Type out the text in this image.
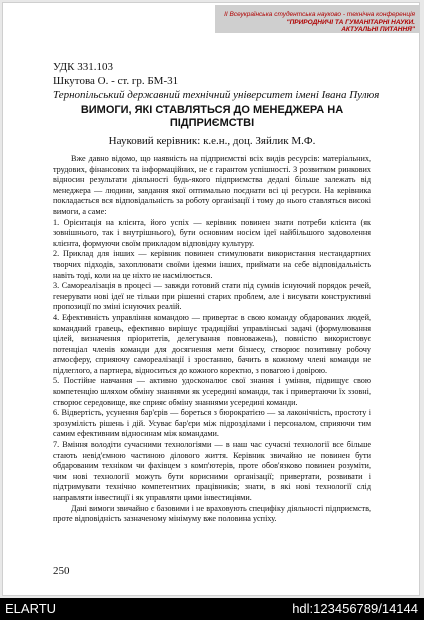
II Всеукраїнська студентська науково - технічна конференція "ПРИРОДНИЧІ ТА ГУМАНІТАРНІ НАУКИ.
АКТУАЛЬНІ ПИТАННЯ"
УДК 331.103
Шкутова О. - ст. гр. БМ-31
Тернопільський державний технічний університет імені Івана Пулюя
ВИМОГИ, ЯКІ СТАВЛЯТЬСЯ ДО МЕНЕДЖЕРА НА
ПІДПРИЄМСТВІ
Науковий керівник: к.е.н., доц. Зяйлик М.Ф.

Вже давно відомо, що наявність на підприємстві всіх видів ресурсів: матеріальних, трудових, фінансових та інформаційних, не є гарантом успішності. З розвитком ринкових відносин результати діяльності будь-якого підприємства дедалі більше залежать від менеджера — людини, завдання якої оптимально поєднати всі ці ресурси. На керівника покладається вся відповідальність за роботу організації і тому до нього ставляться високі вимоги, а саме:

1. Орієнтація на клієнта, його успіх — керівник повинен знати потреби клієнта (як зовнішнього, так і внутрішнього), бути основним носієм ідеї найбільшого задоволення клієнта, формуючи своїм прикладом відповідну культуру.

2. Приклад для інших — керівник повинен стимулювати використання нестандартних творчих підходів, захоплювати своїми ідеями інших, приймати на себе відповідальність навіть тоді, коли на це ніхто не насмілюється.

3. Самореалізація в процесі — завжди готовий стати під сумнів існуючий порядок речей, генерувати нові ідеї не тільки при рішенні старих проблем, але і висувати конструктивні пропозиції по зміні існуючих реалій.

4. Ефективність управління командою — привертає в свою команду обдарованих людей, командний гравець, ефективно вирішує традиційні управлінські задачі (формулювання цілей, визначення пріоритетів, делегування повноважень), повністю використовує потенціал членів команди для досягнення мети бізнесу, створює позитивну робочу атмосферу, сприяючу самореалізації і зростанню, бачить в кожному члені команди не підлеглого, а партнера, відноситься до кожного коректно, з повагою і довірою.

5. Постійне навчання — активно удосконалює свої знання і уміння, підвищує свою компетенцію шляхом обміну знаннями як усередині команди, так і привертаючи їх ззовні, створює середовище, яке сприяє обміну знаннями усередині команди.

6. Відвертість, усунення бар'єрів — бореться з бюрократією — за лаконічність, простоту і зрозумілість рішень і дій. Усуває бар'єри між підрозділами і персоналом, сприяючи тим самим ефективним відносинам між командами.

7. Вміння володіти сучасними технологіями — в наш час сучасні технології все більше стають невід'ємною частиною ділового життя. Керівник звичайно не повинен бути обдарованим техніком чи фахівцем з комп'ютерів, проте обов'язково повинен розуміти, чим нові технології можуть бути корисними організації; привертати, розвивати і підтримувати технічно компетентних працівників; знати, в які нові технології слід направляти інвестиції і як управляти цими інвестиціями.

Дані вимоги звичайно є базовими і не враховують специфіку діяльності підприємств, проте відповідність зазначеному мінімуму вже половина успіху.

250
ELARTU	hdl:123456789/14144
